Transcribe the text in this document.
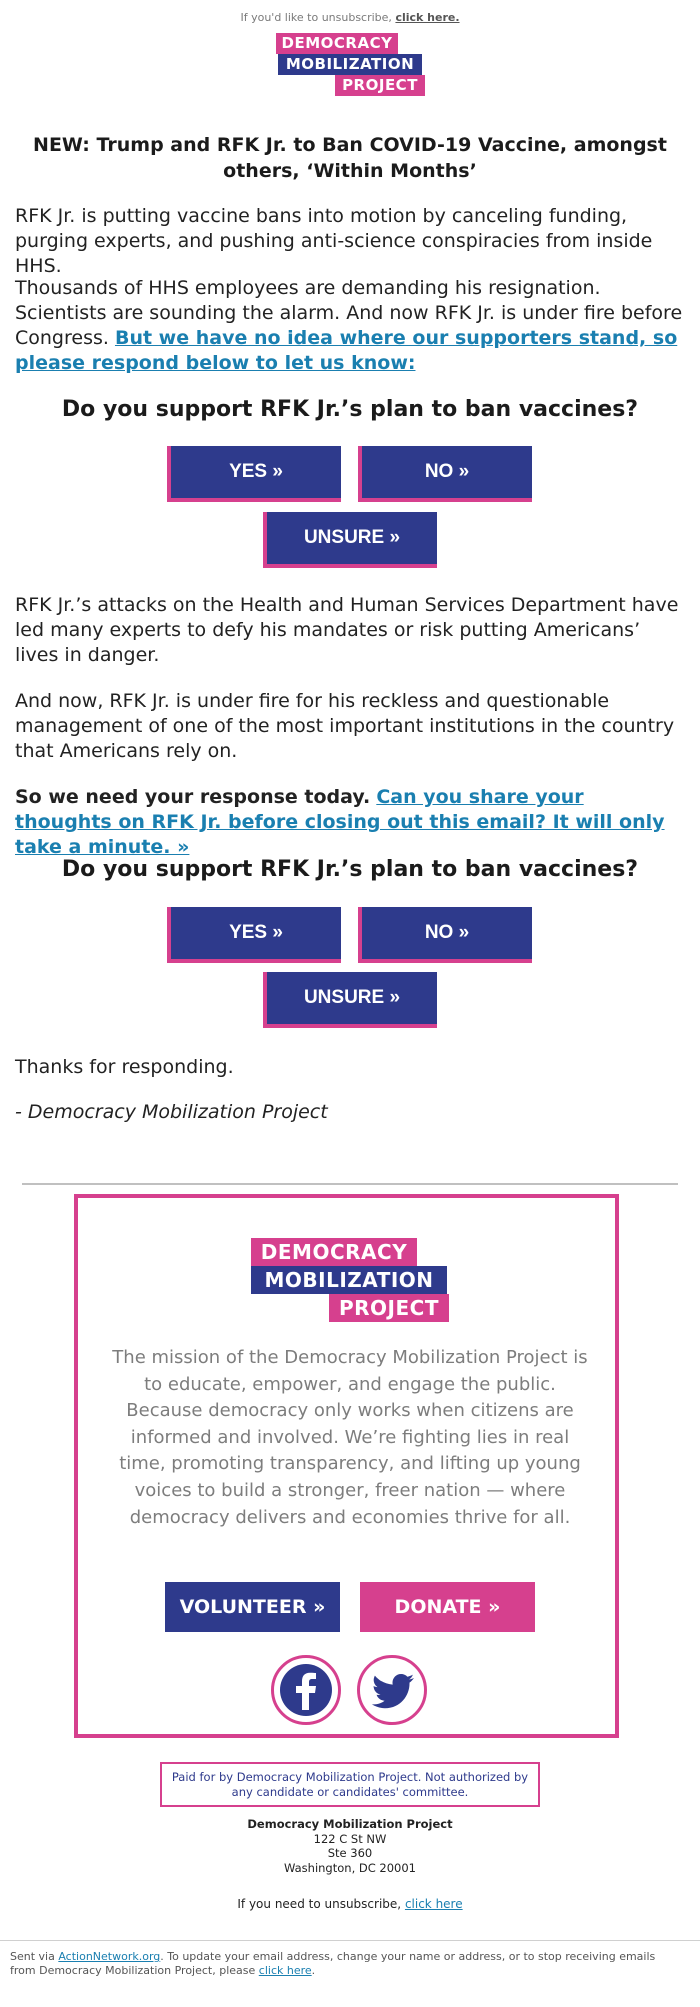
If you'd like to unsubscribe, click here.
DEMOCRACY
MOBILIZATION
PROJECT
NEW: Trump and RFK Jr. to Ban COVID-19 Vaccine, amongst others, ‘Within Months’

RFK Jr. is putting vaccine bans into motion by canceling funding, purging experts, and pushing anti-science conspiracies from inside HHS.

Thousands of HHS employees are demanding his resignation. Scientists are sounding the alarm. And now RFK Jr. is under fire before Congress. But we have no idea where our supporters stand, so please respond below to let us know:

Do you support RFK Jr.’s plan to ban vaccines?
YES »	NO »
UNSURE »

RFK Jr.’s attacks on the Health and Human Services Department have led many experts to defy his mandates or risk putting Americans’ lives in danger.

And now, RFK Jr. is under fire for his reckless and questionable management of one of the most important institutions in the country that Americans rely on.

So we need your response today. Can you share your thoughts on RFK Jr. before closing out this email? It will only take a minute. »

Do you support RFK Jr.’s plan to ban vaccines?
YES »	NO »
UNSURE »

Thanks for responding.

- Democracy Mobilization Project

DEMOCRACY
MOBILIZATION
PROJECT
The mission of the Democracy Mobilization Project is to educate, empower, and engage the public. Because democracy only works when citizens are informed and involved. We’re fighting lies in real time, promoting transparency, and lifting up young voices to build a stronger, freer nation — where democracy delivers and economies thrive for all.
VOLUNTEER »	DONATE »
Paid for by Democracy Mobilization Project. Not authorized by any candidate or candidates' committee.
Democracy Mobilization Project
122 C St NW
Ste 360
Washington, DC 20001
If you need to unsubscribe, click here
Sent via ActionNetwork.org. To update your email address, change your name or address, or to stop receiving emails from Democracy Mobilization Project, please click here.
